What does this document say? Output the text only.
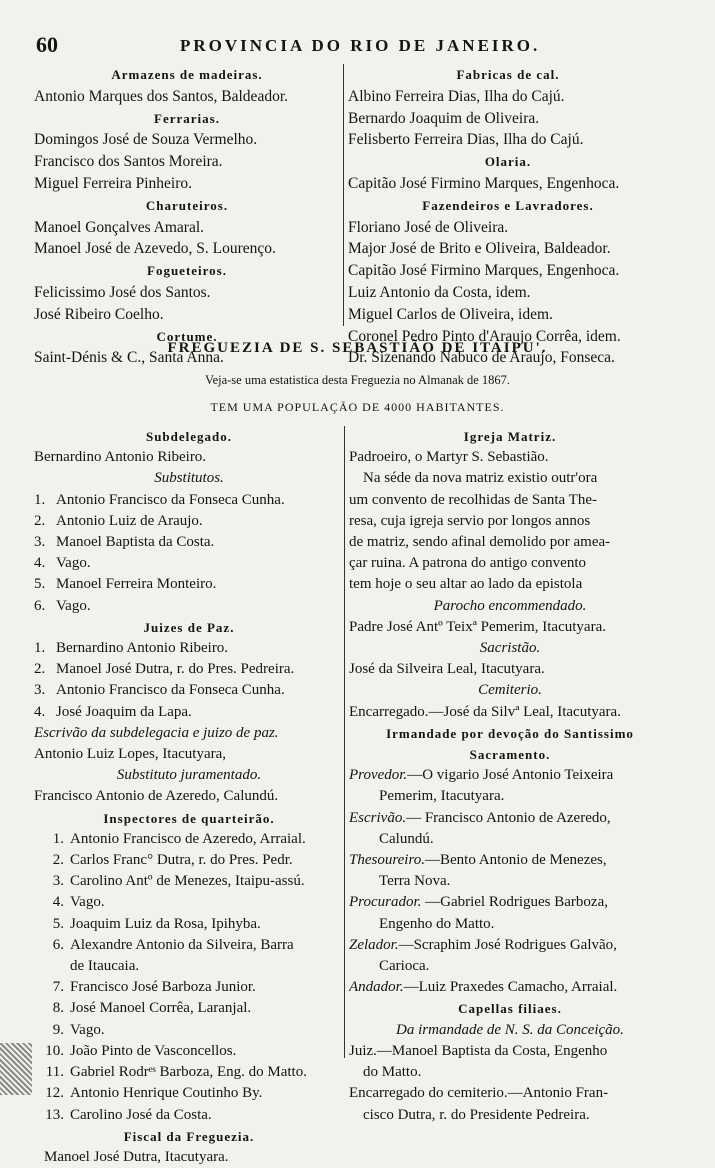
60	PROVINCIA DO RIO DE JANEIRO.
Armazens de madeiras.
Antonio Marques dos Santos, Baldeador.
Ferrarias.
Domingos José de Souza Vermelho.
Francisco dos Santos Moreira.
Miguel Ferreira Pinheiro.
Charuteiros.
Manoel Gonçalves Amaral.
Manoel José de Azevedo, S. Lourenço.
Fogueteiros.
Felicissimo José dos Santos.
José Ribeiro Coelho.
Cortume.
Saint-Dénis & C., Santa Anna.
Fabricas de cal.
Albino Ferreira Dias, Ilha do Cajú.
Bernardo Joaquim de Oliveira.
Felisberto Ferreira Dias, Ilha do Cajú.
Olaria.
Capitão José Firmino Marques, Engenhoca.
Fazendeiros e Lavradores.
Floriano José de Oliveira.
Major José de Brito e Oliveira, Baldeador.
Capitão José Firmino Marques, Engenhoca.
Luiz Antonio da Costa, idem.
Miguel Carlos de Oliveira, idem.
Coronel Pedro Pinto d'Araujo Corrêa, idem.
Dr. Sizenando Nabuco de Araujo, Fonseca.
FREGUEZIA DE S. SEBASTIÃO DE ITAIPU'.
Veja-se uma estatistica desta Freguezia no Almanak de 1867.
TEM UMA POPULAÇÃO DE 4000 HABITANTES.
Subdelegado.
Bernardino Antonio Ribeiro.
Substitutos.
1. Antonio Francisco da Fonseca Cunha.
2. Antonio Luiz de Araujo.
3. Manoel Baptista da Costa.
4. Vago.
5. Manoel Ferreira Monteiro.
6. Vago.
Juizes de Paz.
1. Bernardino Antonio Ribeiro.
2. Manoel José Dutra, r. do Pres. Pedreira.
3. Antonio Francisco da Fonseca Cunha.
4. José Joaquim da Lapa.
Escrivão da subdelegacia e juizo de paz.
Antonio Luiz Lopes, Itacutyara,
Substituto juramentado.
Francisco Antonio de Azeredo, Calundú.
Inspectores de quarteirão.
1. Antonio Francisco de Azeredo, Arraial.
2. Carlos Franc° Dutra, r. do Pres. Pedr.
3. Carolino Antº de Menezes, Itaipu-assú.
4. Vago.
5. Joaquim Luiz da Rosa, Ipihyba.
6. Alexandre Antonio da Silveira, Barra
de Itaucaia.
7. Francisco José Barboza Junior.
8. José Manoel Corrêa, Laranjal.
9. Vago.
10. João Pinto de Vasconcellos.
11. Gabriel Rodrᵉˢ Barboza, Eng. do Matto.
12. Antonio Henrique Coutinho By.
13. Carolino José da Costa.
Fiscal da Freguezia.
Manoel José Dutra, Itacutyara.
Igreja Matriz.
Padroeiro, o Martyr S. Sebastião.
Na séde da nova matriz existio outr'ora
um convento de recolhidas de Santa The-
resa, cuja igreja servio por longos annos
de matriz, sendo afinal demolido por amea-
çar ruina. A patrona do antigo convento
tem hoje o seu altar ao lado da epistola
Parocho encommendado.
Padre José Antº Teixª Pemerim, Itacutyara.
Sacristão.
José da Silveira Leal, Itacutyara.
Cemiterio.
Encarregado.—José da Silvª Leal, Itacutyara.
Irmandade por devoção do Santissimo
Sacramento.
Provedor.—O vigario José Antonio Teixeira
Pemerim, Itacutyara.
Escrivão.— Francisco Antonio de Azeredo,
Calundú.
Thesoureiro.—Bento Antonio de Menezes,
Terra Nova.
Procurador. —Gabriel Rodrigues Barboza,
Engenho do Matto.
Zelador.—Scraphim José Rodrigues Galvão,
Carioca.
Andador.—Luiz Praxedes Camacho, Arraial.
Capellas filiaes.
Da irmandade de N. S. da Conceição.
Juiz.—Manoel Baptista da Costa, Engenho
do Matto.
Encarregado do cemiterio.—Antonio Fran-
cisco Dutra, r. do Presidente Pedreira.
